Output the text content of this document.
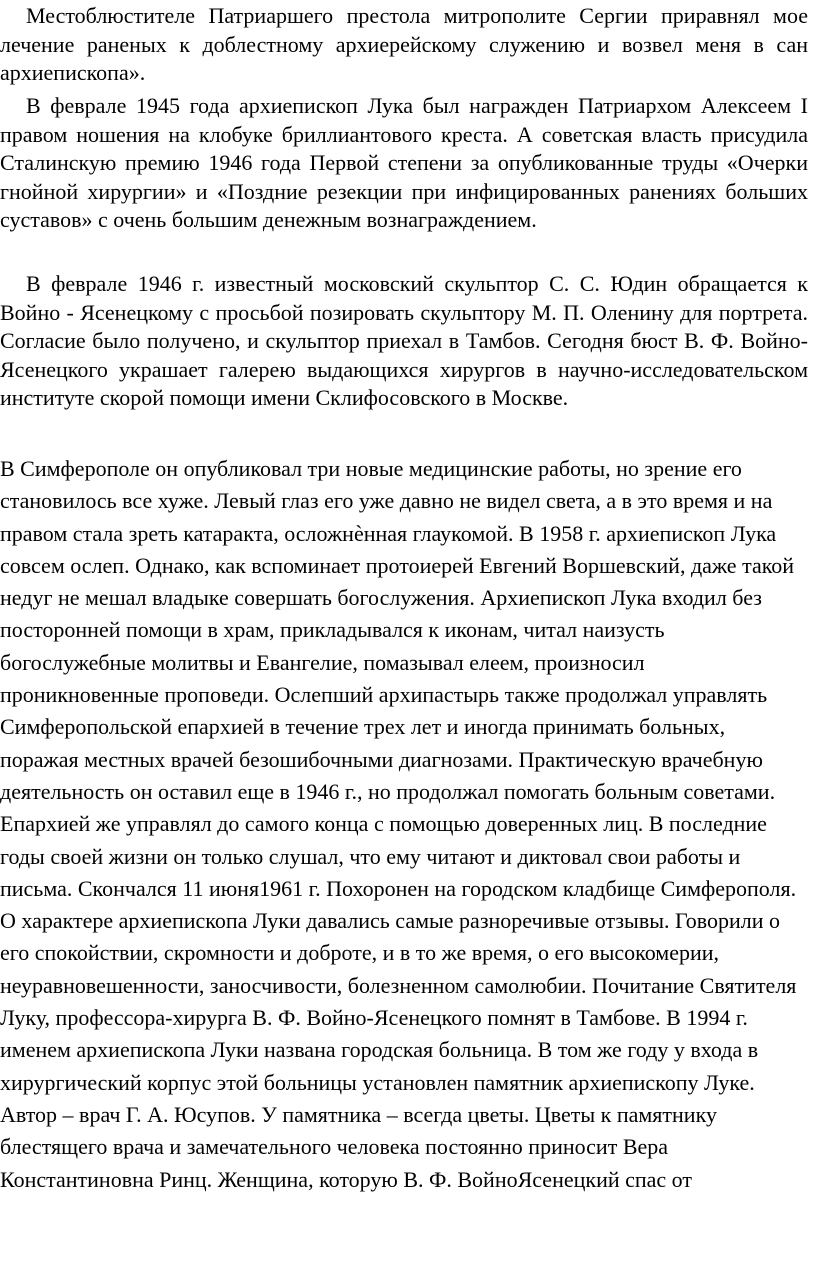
Местоблюстителе Патриаршего престола митрополите Сергии приравнял мое лечение раненых к доблестному архиерейскому служению и возвел меня в сан архиепископа».

В феврале 1945 года архиепископ Лука был награжден Патриархом Алексеем I правом ношения на клобуке бриллиантового креста. А советская власть присудила Сталинскую премию 1946 года Первой степени за опубликованные труды «Очерки гнойной хирургии» и «Поздние резекции при инфицированных ранениях больших суставов» с очень большим денежным вознаграждением.

В феврале 1946 г. известный московский скульптор С. С. Юдин обращается к Войно - Ясенецкому с просьбой позировать скульптору М. П. Оленину для портрета. Согласие было получено, и скульптор приехал в Тамбов. Сегодня бюст В. Ф. Войно-Ясенецкого украшает галерею выдающихся хирургов в научно-исследовательском институте скорой помощи имени Склифосовского в Москве.

В Симферополе он опубликовал три новые медицинские работы, но зрение его становилось все хуже. Левый глаз его уже давно не видел света, а в это время и на правом стала зреть катаракта, осложнѐнная глаукомой. В 1958 г. архиепископ Лука совсем ослеп. Однако, как вспоминает протоиерей Евгений Воршевский, даже такой недуг не мешал владыке совершать богослужения. Архиепископ Лука входил без посторонней помощи в храм, прикладывался к иконам, читал наизусть богослужебные молитвы и Евангелие, помазывал елеем, произносил проникновенные проповеди. Ослепший архипастырь также продолжал управлять Симферопольской епархией в течение трех лет и иногда принимать больных, поражая местных врачей безошибочными диагнозами. Практическую врачебную деятельность он оставил еще в 1946 г., но продолжал помогать больным советами. Епархией же управлял до самого конца с помощью доверенных лиц. В последние годы своей жизни он только слушал, что ему читают и диктовал свои работы и письма. Скончался 11 июня1961 г. Похоронен на городском кладбище Симферополя. О характере архиепископа Луки давались самые разноречивые отзывы. Говорили о его спокойствии, скромности и доброте, и в то же время, о его высокомерии, неуравновешенности, заносчивости, болезненном самолюбии. Почитание Святителя Луку, профессора-хирурга В. Ф. Войно-Ясенецкого помнят в Тамбове. В 1994 г. именем архиепископа Луки названа городская больница. В том же году у входа в хирургический корпус этой больницы установлен памятник архиепископу Луке. Автор – врач Г. А. Юсупов. У памятника – всегда цветы. Цветы к памятнику блестящего врача и замечательного человека постоянно приносит Вера Константиновна Ринц. Женщина, которую В. Ф. ВойноЯсенецкий спас от
